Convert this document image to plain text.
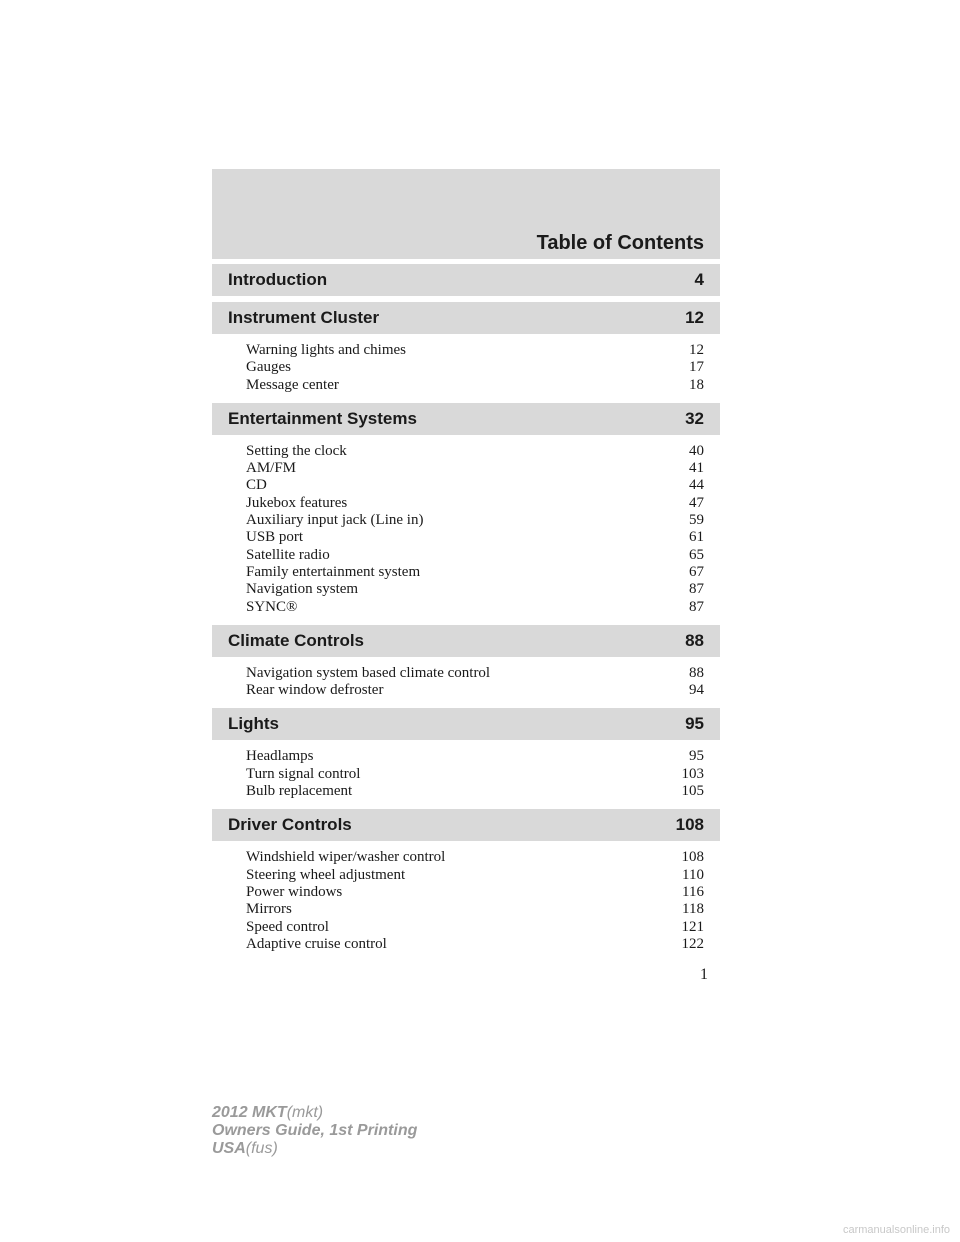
Table of Contents
Introduction	4
Instrument Cluster	12
Warning lights and chimes	12
Gauges	17
Message center	18
Entertainment Systems	32
Setting the clock	40
AM/FM	41
CD	44
Jukebox features	47
Auxiliary input jack (Line in)	59
USB port	61
Satellite radio	65
Family entertainment system	67
Navigation system	87
SYNC®	87
Climate Controls	88
Navigation system based climate control	88
Rear window defroster	94
Lights	95
Headlamps	95
Turn signal control	103
Bulb replacement	105
Driver Controls	108
Windshield wiper/washer control	108
Steering wheel adjustment	110
Power windows	116
Mirrors	118
Speed control	121
Adaptive cruise control	122
1
2012 MKT(mkt)
Owners Guide, 1st Printing
USA(fus)
carmanualsonline.info
